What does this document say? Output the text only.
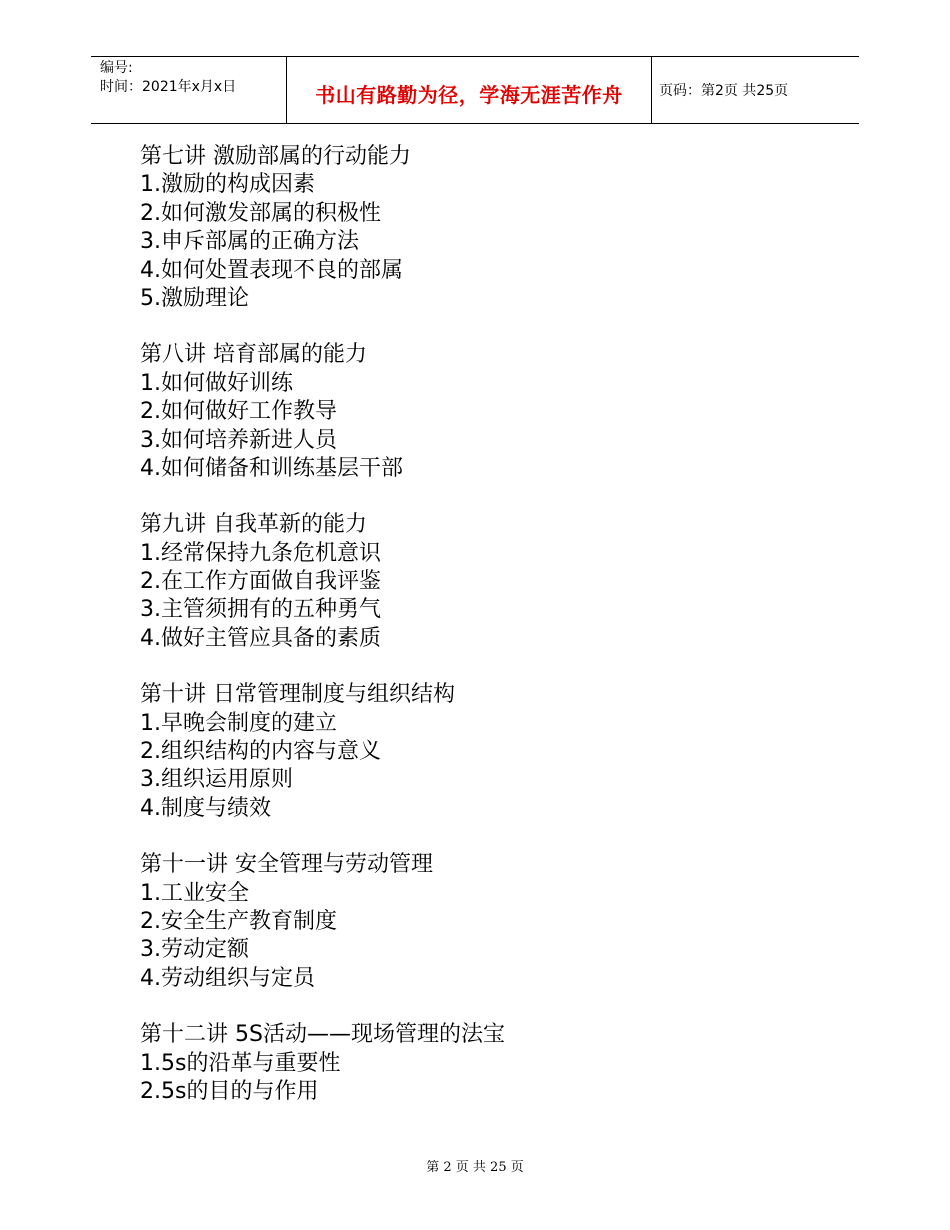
编号:
时间：2021年x月x日	书山有路勤为径，学海无涯苦作舟	页码：第2页 共25页
第七讲 激励部属的行动能力
1.激励的构成因素
2.如何激发部属的积极性
3.申斥部属的正确方法
4.如何处置表现不良的部属
5.激励理论
第八讲 培育部属的能力
1.如何做好训练
2.如何做好工作教导
3.如何培养新进人员
4.如何储备和训练基层干部
第九讲 自我革新的能力
1.经常保持九条危机意识
2.在工作方面做自我评鉴
3.主管须拥有的五种勇气
4.做好主管应具备的素质
第十讲 日常管理制度与组织结构
1.早晚会制度的建立
2.组织结构的内容与意义
3.组织运用原则
4.制度与绩效
第十一讲 安全管理与劳动管理
1.工业安全
2.安全生产教育制度
3.劳动定额
4.劳动组织与定员
第十二讲 5S活动——现场管理的法宝
1.5s的沿革与重要性
2.5s的目的与作用
第 2 页 共 25 页
